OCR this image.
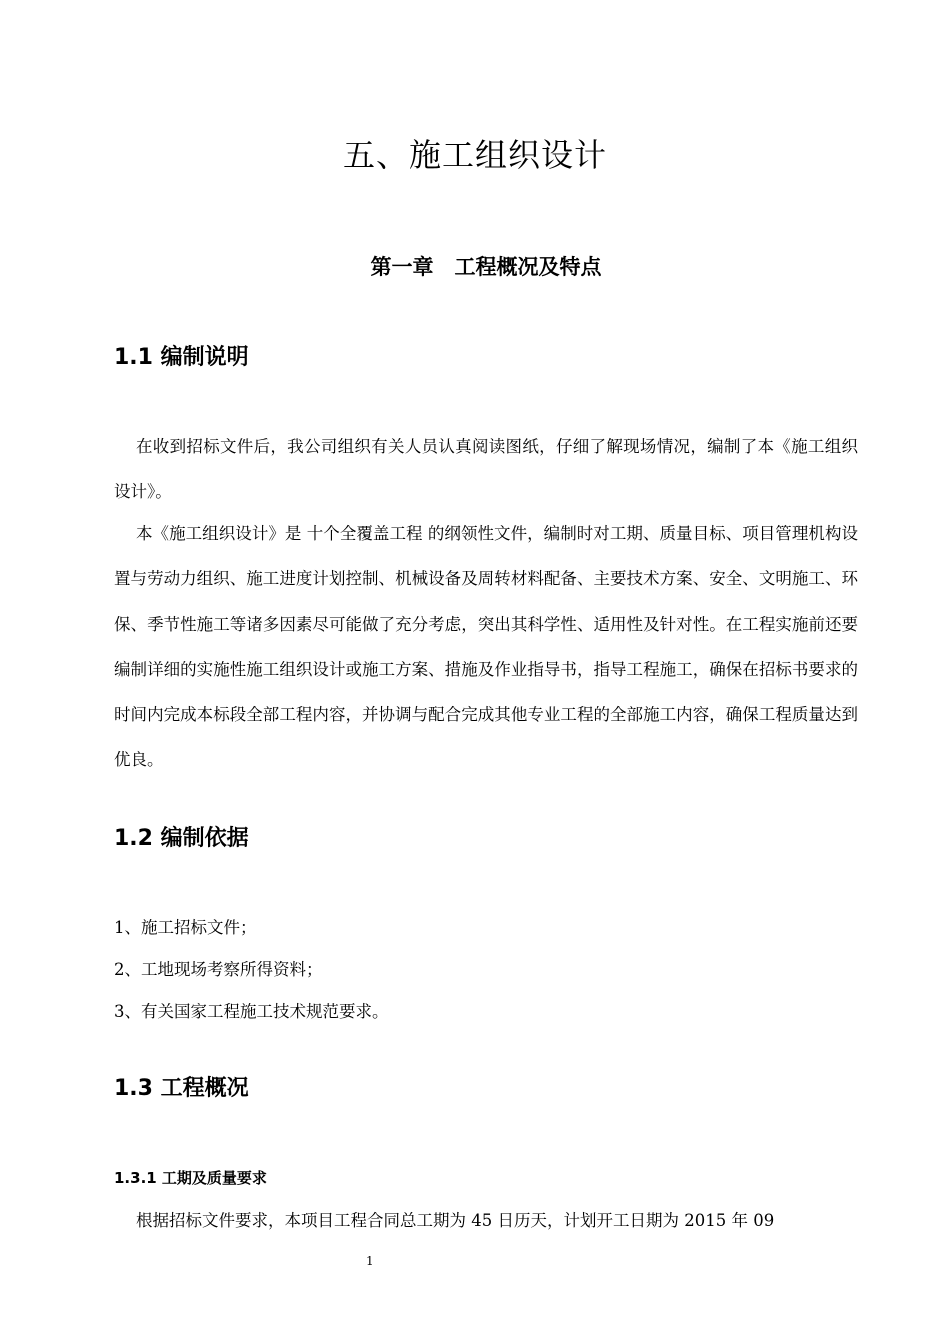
五、施工组织设计
第一章　工程概况及特点
1.1 编制说明

在收到招标文件后，我公司组织有关人员认真阅读图纸，仔细了解现场情况，编制了本《施工组织设计》。

本《施工组织设计》是 十个全覆盖工程 的纲领性文件，编制时对工期、质量目标、项目管理机构设置与劳动力组织、施工进度计划控制、机械设备及周转材料配备、主要技术方案、安全、文明施工、环保、季节性施工等诸多因素尽可能做了充分考虑，突出其科学性、适用性及针对性。在工程实施前还要编制详细的实施性施工组织设计或施工方案、措施及作业指导书，指导工程施工，确保在招标书要求的时间内完成本标段全部工程内容，并协调与配合完成其他专业工程的全部施工内容，确保工程质量达到优良。

1.2 编制依据
1、施工招标文件；
2、工地现场考察所得资料；
3、有关国家工程施工技术规范要求。
1.3 工程概况
1.3.1 工期及质量要求
根据招标文件要求，本项目工程合同总工期为 45 日历天，计划开工日期为 2015 年 09
1
